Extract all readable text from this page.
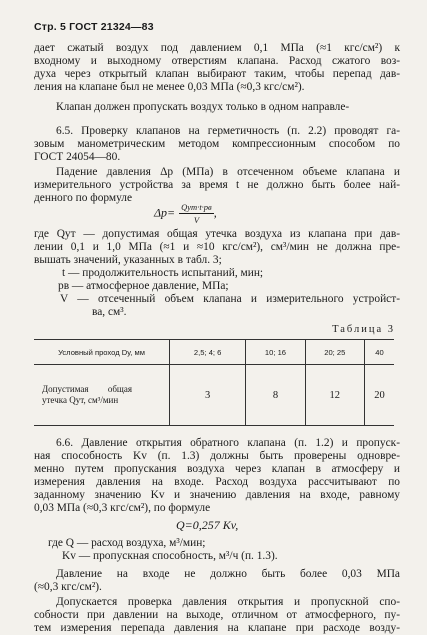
Стр. 5 ГОСТ 21324—83
дает сжатый воздух под давлением 0,1 МПа (≈1 кгс/см²) к
входному и выходному отверстиям клапана. Расход сжатого воз-
духа через открытый клапан выбирают таким, чтобы перепад дав-
ления на клапане был не менее 0,03 МПа (≈0,3 кгс/см²).
Клапан должен пропускать воздух только в одном направле-
6.5. Проверку клапанов на герметичность (п. 2.2) проводят га-
зовым манометрическим методом компрессионным способом по
ГОСТ 24054—80.
Падение давления Δp (МПа) в отсеченном объеме клапана и
измерительного устройства за время t не должно быть более най-
денного по формуле
$\Delta p= \frac{\text{Qут·t·pв}}{V}$ ,
где Qут — допустимая общая утечка воздуха из клапана при дав-
лении 0,1 и 1,0 МПа (≈1 и ≈10 кгс/см²), см³/мин не должна пре-
вышать значений, указанных в табл. 3;
t — продолжительность испытаний, мин;
pв — атмосферное давление, МПа;
V — отсеченный объем клапана и измерительного устройст-
ва, см³.
Таблица 3
Условный проход Dу, мм	2,5; 4; 6	10; 16	20; 25	40

Допустимая общая
утечка Qут, см³/мин	3	8	12	20
6.6. Давление открытия обратного клапана (п. 1.2) и пропуск-
ная способность Kv (п. 1.3) должны быть проверены одновре-
менно путем пропускания воздуха через клапан в атмосферу и
измерения давления на входе. Расход воздуха рассчитывают по
заданному значению Kv и значению давления на входе, равному
0,03 МПа (≈0,3 кгс/см²), по формуле
Q=0,257 Kv,
где Q — расход воздуха, м³/мин;
Kv — пропускная способность, м³/ч (п. 1.3).
Давление на входе не должно быть более 0,03 МПа
(≈0,3 кгс/см²).
Допускается проверка давления открытия и пропускной спо-
собности при давлении на выходе, отличном от атмосферного, пу-
тем измерения перепада давления на клапане при расходе возду-
